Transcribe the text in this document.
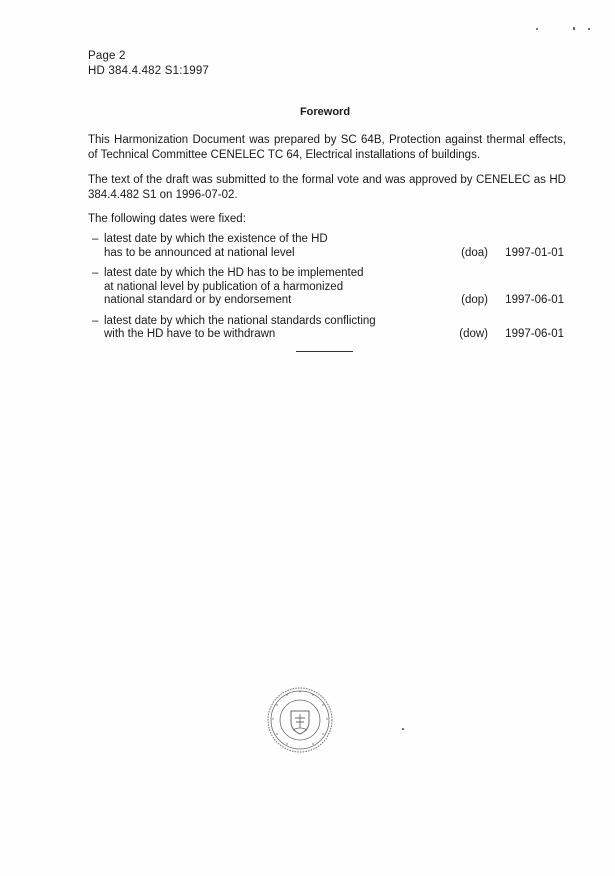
Page 2
HD 384.4.482 S1:1997
Foreword
This Harmonization Document was prepared by SC 64B, Protection against thermal effects, of Technical Committee CENELEC TC 64, Electrical installations of buildings.
The text of the draft was submitted to the formal vote and was approved by CENELEC as HD 384.4.482 S1 on 1996-07-02.
The following dates were fixed:
– latest date by which the existence of the HD
has to be announced at national level	(doa) 1997-01-01
– latest date by which the HD has to be implemented
at national level by publication of a harmonized
national standard or by endorsement	(dop) 1997-06-01
– latest date by which the national standards conflicting
with the HD have to be withdrawn	(dow) 1997-06-01
